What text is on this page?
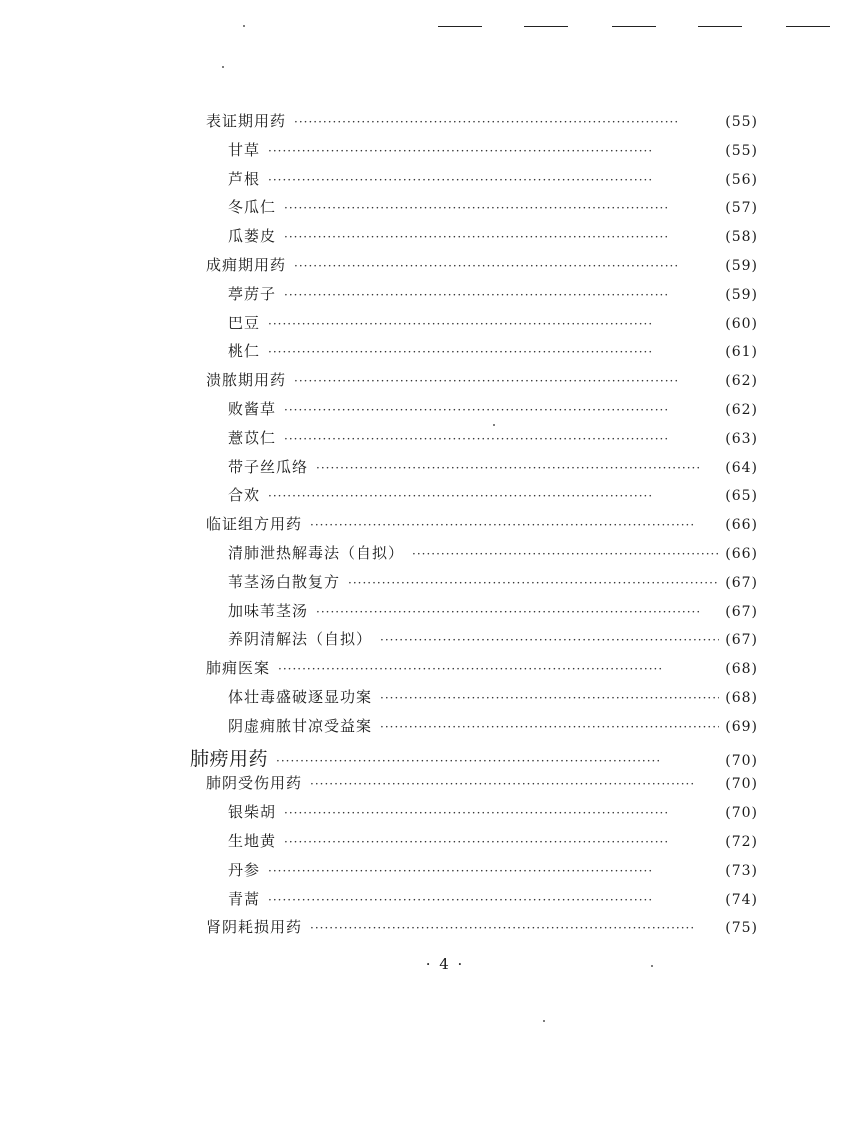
表证期用药 ·····	(55)
甘草 ·····	(55)
芦根 ·····	(56)
冬瓜仁 ·····	(57)
瓜蒌皮 ·····	(58)
成痈期用药 ·····	(59)
葶苈子 ·····	(59)
巴豆 ·····	(60)
桃仁 ·····	(61)
溃脓期用药 ·····	(62)
败酱草 ·····	(62)
薏苡仁 ·····	(63)
带子丝瓜络 ·····	(64)
合欢 ·····	(65)
临证组方用药 ·····	(66)
清肺泄热解毒法（自拟） ·····	(66)
苇茎汤白散复方 ·····	(67)
加味苇茎汤 ·····	(67)
养阴清解法（自拟） ·····	(67)
肺痈医案 ·····	(68)
体壮毒盛破逐显功案 ·····	(68)
阴虚痈脓甘凉受益案 ·····	(69)
肺痨用药 ·····	(70)
肺阴受伤用药 ·····	(70)
银柴胡 ·····	(70)
生地黄 ·····	(72)
丹参 ·····	(73)
青蒿 ·····	(74)
肾阴耗损用药 ·····	(75)
· 4 ·
